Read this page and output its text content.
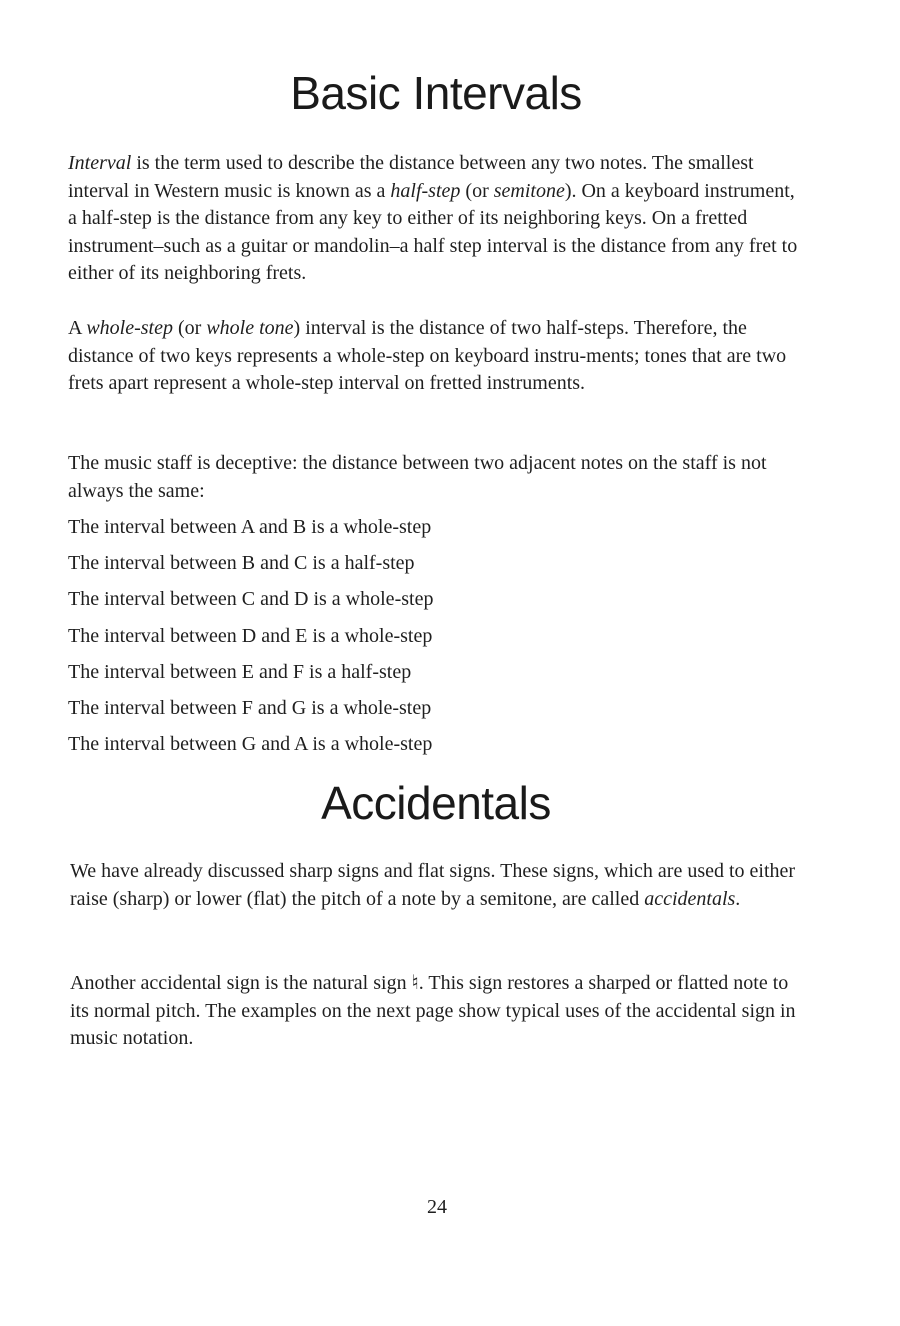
Basic Intervals

Interval is the term used to describe the distance between any two notes. The smallest interval in Western music is known as a half-step (or semitone). On a keyboard instrument, a half-step is the distance from any key to either of its neighboring keys. On a fretted instrument–such as a guitar or mandolin–a half step interval is the distance from any fret to either of its neighboring frets.

A whole-step (or whole tone) interval is the distance of two half-steps. Therefore, the distance of two keys represents a whole-step on keyboard instru-ments; tones that are two frets apart represent a whole-step interval on fretted instruments.

The music staff is deceptive: the distance between two adjacent notes on the staff is not always the same:

The interval between A and B is a whole-step
The interval between B and C is a half-step
The interval between C and D is a whole-step
The interval between D and E is a whole-step
The interval between E and F is a half-step
The interval between F and G is a whole-step
The interval between G and A is a whole-step
Accidentals

We have already discussed sharp signs and flat signs. These signs, which are used to either raise (sharp) or lower (flat) the pitch of a note by a semitone, are called accidentals.

Another accidental sign is the natural sign ♮. This sign restores a sharped or flatted note to its normal pitch. The examples on the next page show typical uses of the accidental sign in music notation.

24
